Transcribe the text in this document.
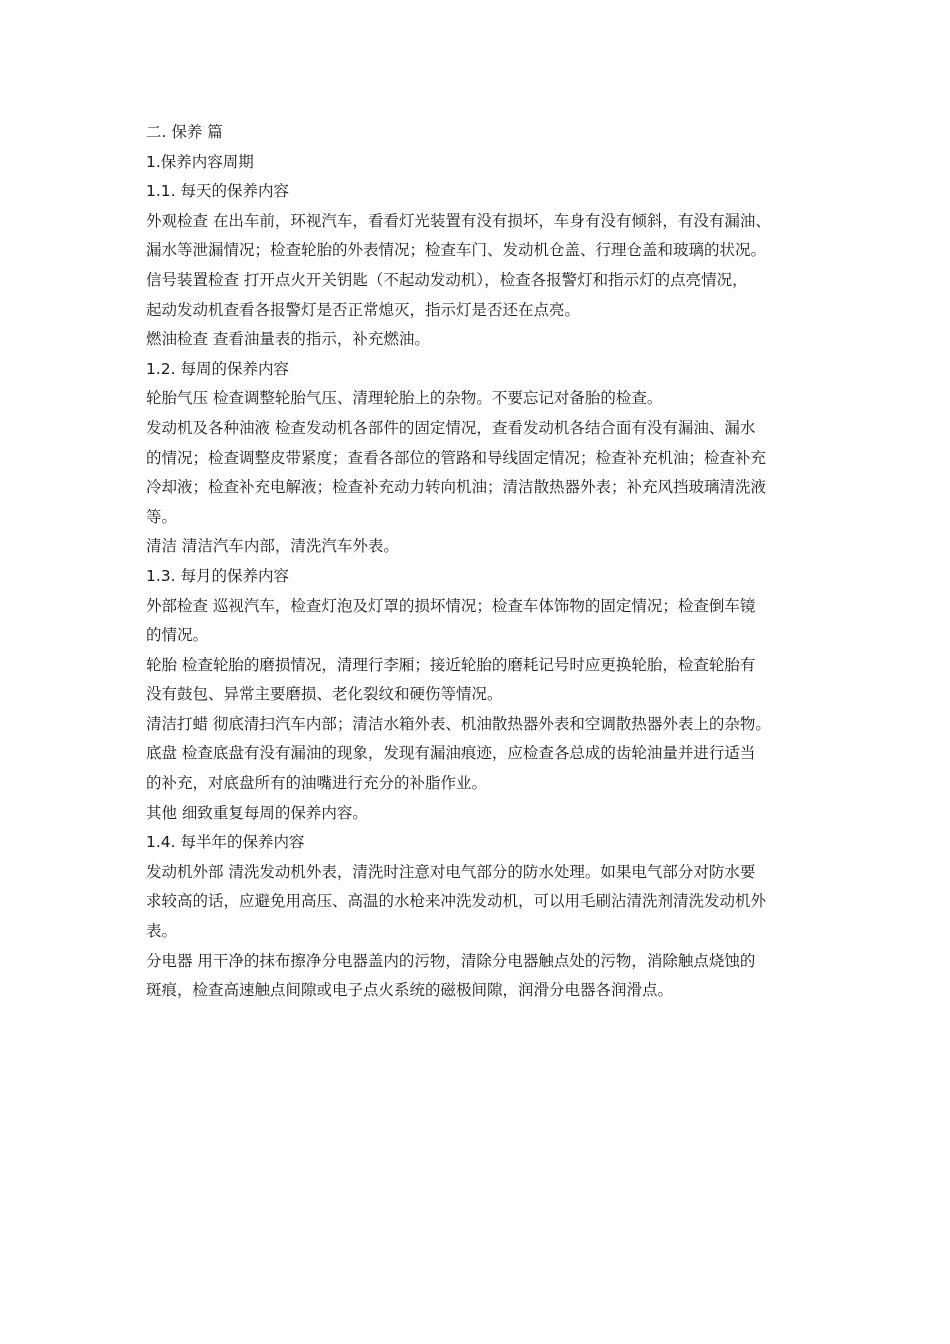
二. 保养 篇

1.保养内容周期

1.1. 每天的保养内容

外观检查 在出车前，环视汽车，看看灯光装置有没有损坏，车身有没有倾斜，有没有漏油、

漏水等泄漏情况；检查轮胎的外表情况；检查车门、发动机仓盖、行理仓盖和玻璃的状况。

信号装置检查 打开点火开关钥匙（不起动发动机），检查各报警灯和指示灯的点亮情况，

起动发动机查看各报警灯是否正常熄灭，指示灯是否还在点亮。

燃油检查 查看油量表的指示，补充燃油。

1.2. 每周的保养内容

轮胎气压 检查调整轮胎气压、清理轮胎上的杂物。不要忘记对备胎的检查。

发动机及各种油液 检查发动机各部件的固定情况，查看发动机各结合面有没有漏油、漏水

的情况；检查调整皮带紧度；查看各部位的管路和导线固定情况；检查补充机油；检查补充

冷却液；检查补充电解液；检查补充动力转向机油；清洁散热器外表；补充风挡玻璃清洗液

等。

清洁 清洁汽车内部，清洗汽车外表。

1.3. 每月的保养内容

外部检查 巡视汽车，检查灯泡及灯罩的损坏情况；检查车体饰物的固定情况；检查倒车镜

的情况。

轮胎 检查轮胎的磨损情况，清理行李厢；接近轮胎的磨耗记号时应更换轮胎，检查轮胎有

没有鼓包、异常主要磨损、老化裂纹和硬伤等情况。

清洁打蜡 彻底清扫汽车内部；清洁水箱外表、机油散热器外表和空调散热器外表上的杂物。

底盘 检查底盘有没有漏油的现象，发现有漏油痕迹，应检查各总成的齿轮油量并进行适当

的补充，对底盘所有的油嘴进行充分的补脂作业。

其他 细致重复每周的保养内容。

1.4. 每半年的保养内容

发动机外部 清洗发动机外表，清洗时注意对电气部分的防水处理。如果电气部分对防水要

求较高的话，应避免用高压、高温的水枪来冲洗发动机，可以用毛刷沾清洗剂清洗发动机外

表。

分电器 用干净的抹布擦净分电器盖内的污物，清除分电器触点处的污物，消除触点烧蚀的

斑痕，检查高速触点间隙或电子点火系统的磁极间隙，润滑分电器各润滑点。
